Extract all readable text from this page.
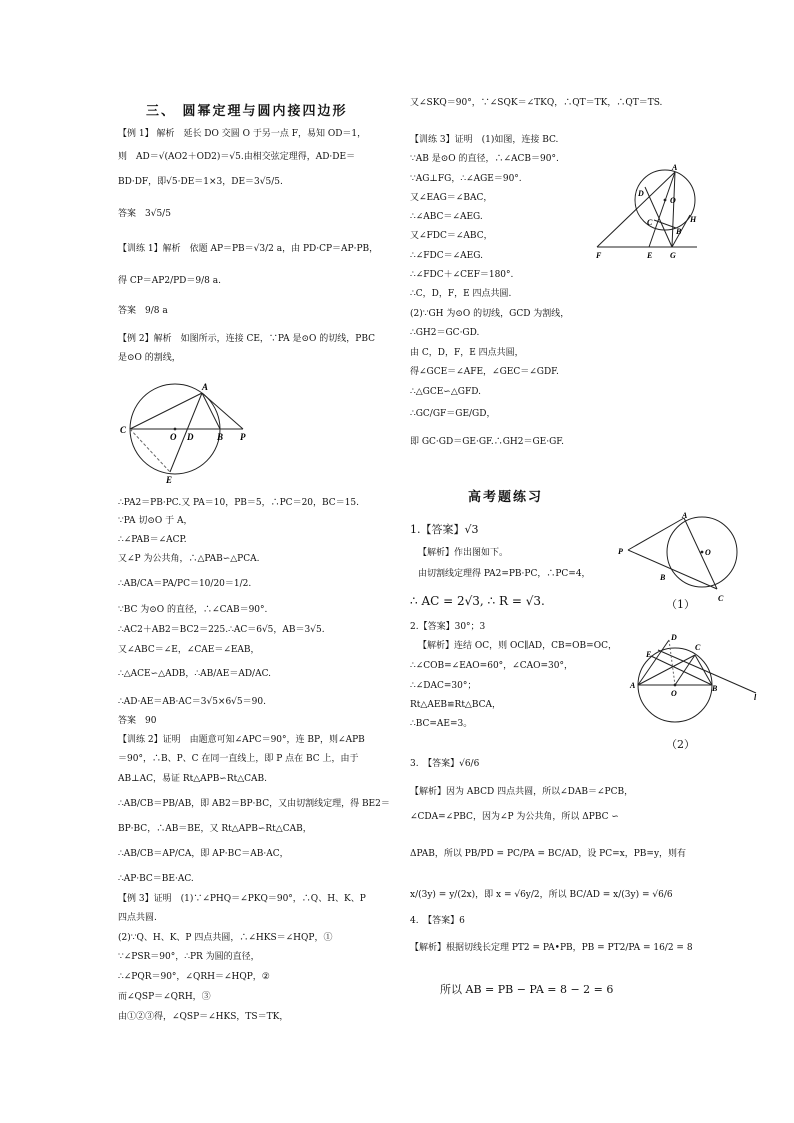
三、 圆幂定理与圆内接四边形
【例 1】 解析　延长 DO 交圆 O 于另一点 F，易知 OD＝1，
则　AD＝√(AO2＋OD2)＝√5.由相交弦定理得，AD·DE＝
BD·DF，即√5·DE＝1×3，DE＝3√5/5.
答案　3√5/5
【训练 1】解析　依题 AP＝PB＝√3/2 a，由 PD·CP＝AP·PB，
得 CP＝AP2/PD＝9/8 a.
答案　9/8 a
【例 2】解析　如图所示，连接 CE，∵PA 是⊙O 的切线，PBC
是⊙O 的割线，
A
C
O D	B P
E
∴PA2＝PB·PC.又 PA＝10，PB＝5，∴PC＝20，BC＝15.
∵PA 切⊙O 于 A，
∴∠PAB＝∠ACP.
又∠P 为公共角，∴△PAB∽△PCA.
∴AB/CA＝PA/PC＝10/20＝1/2.
∵BC 为⊙O 的直径，∴∠CAB＝90°.
∴AC2＋AB2＝BC2＝225.∴AC＝6√5，AB＝3√5.
又∠ABC＝∠E，∠CAE＝∠EAB，
∴△ACE∽△ADB，∴AB/AE＝AD/AC.
∴AD·AE＝AB·AC＝3√5×6√5＝90.
答案　90
【训练 2】证明　由题意可知∠APC＝90°，连 BP，则∠APB
＝90°，∴B、P、C 在同一直线上，即 P 点在 BC 上，由于
AB⊥AC，易证 Rt△APB∽Rt△CAB.
∴AB/CB＝PB/AB，即 AB2＝BP·BC，又由切割线定理，得 BE2＝
BP·BC，∴AB＝BE，又 Rt△APB∽Rt△CAB，
∴AB/CB＝AP/CA，即 AP·BC＝AB·AC，
∴AP·BC＝BE·AC.
【例 3】证明　(1)∵∠PHQ＝∠PKQ＝90°，∴Q、H、K、P
四点共圆.
(2)∵Q、H、K、P 四点共圆，∴∠HKS＝∠HQP，①
∵∠PSR＝90°，∴PR 为圆的直径，
∴∠PQR＝90°，∠QRH＝∠HQP，②
而∠QSP＝∠QRH，③
由①②③得，∠QSP＝∠HKS，TS＝TK，
又∠SKQ＝90°，∵∠SQK＝∠TKQ，∴QT＝TK，∴QT＝TS.
【训练 3】证明　(1)如图，连接 BC.
∵AB 是⊙O 的直径，∴∠ACB＝90°.
∵AG⊥FG，∴∠AGE＝90°.
又∠EAG＝∠BAC，
∴∠ABC＝∠AEG.
又∠FDC＝∠ABC，
∴∠FDC＝∠AEG.
∴∠FDC＋∠CEF＝180°.
∴C，D，F，E 四点共圆.
(2)∵GH 为⊙O 的切线，GCD 为割线，
∴GH2＝GC·GD.
由 C，D，F，E 四点共圆，
得∠GCE＝∠AFE，∠GEC＝∠GDF.
∴△GCE∽△GFD.
∴GC/GF＝GE/GD，
即 GC·GD＝GE·GF.∴GH2＝GE·GF.
高考题练习
1.【答案】√3
【解析】作出图如下。
由切割线定理得 PA2=PB·PC，∴PC=4，
∴ AC = 2√3, ∴ R = √3.
2.【答案】30°；3
【解析】连结 OC，则 OC∥AD，CB=OB=OC，
∴∠COB=∠EAO=60°，∠CAO=30°，
∴∠DAC=30°；
Rt△AEB≌Rt△BCA，
∴BC=AE=3。
3.　【答案】√6/6
【解析】因为 ABCD 四点共圆，所以∠DAB＝∠PCB，
∠CDA=∠PBC，因为∠P 为公共角，所以 ΔPBC ∽
ΔPAB，所以 PB/PD = PC/PA = BC/AD，设 PC=x，PB=y，则有
x/(3y) = y/(2x)，即 x = √6y/2，所以 BC/AD = x/(3y) = √6/6
4.　【答案】6
【解析】根据切线长定理 PT2 = PA•PB，PB = PT2/PA = 16/2 = 8
所以 AB = PB − PA = 8 − 2 = 6
A
D
O
C	H
B
F	E G
A
P	O
B
C
（1）
D
E
C
A
O
B
l
（2）
